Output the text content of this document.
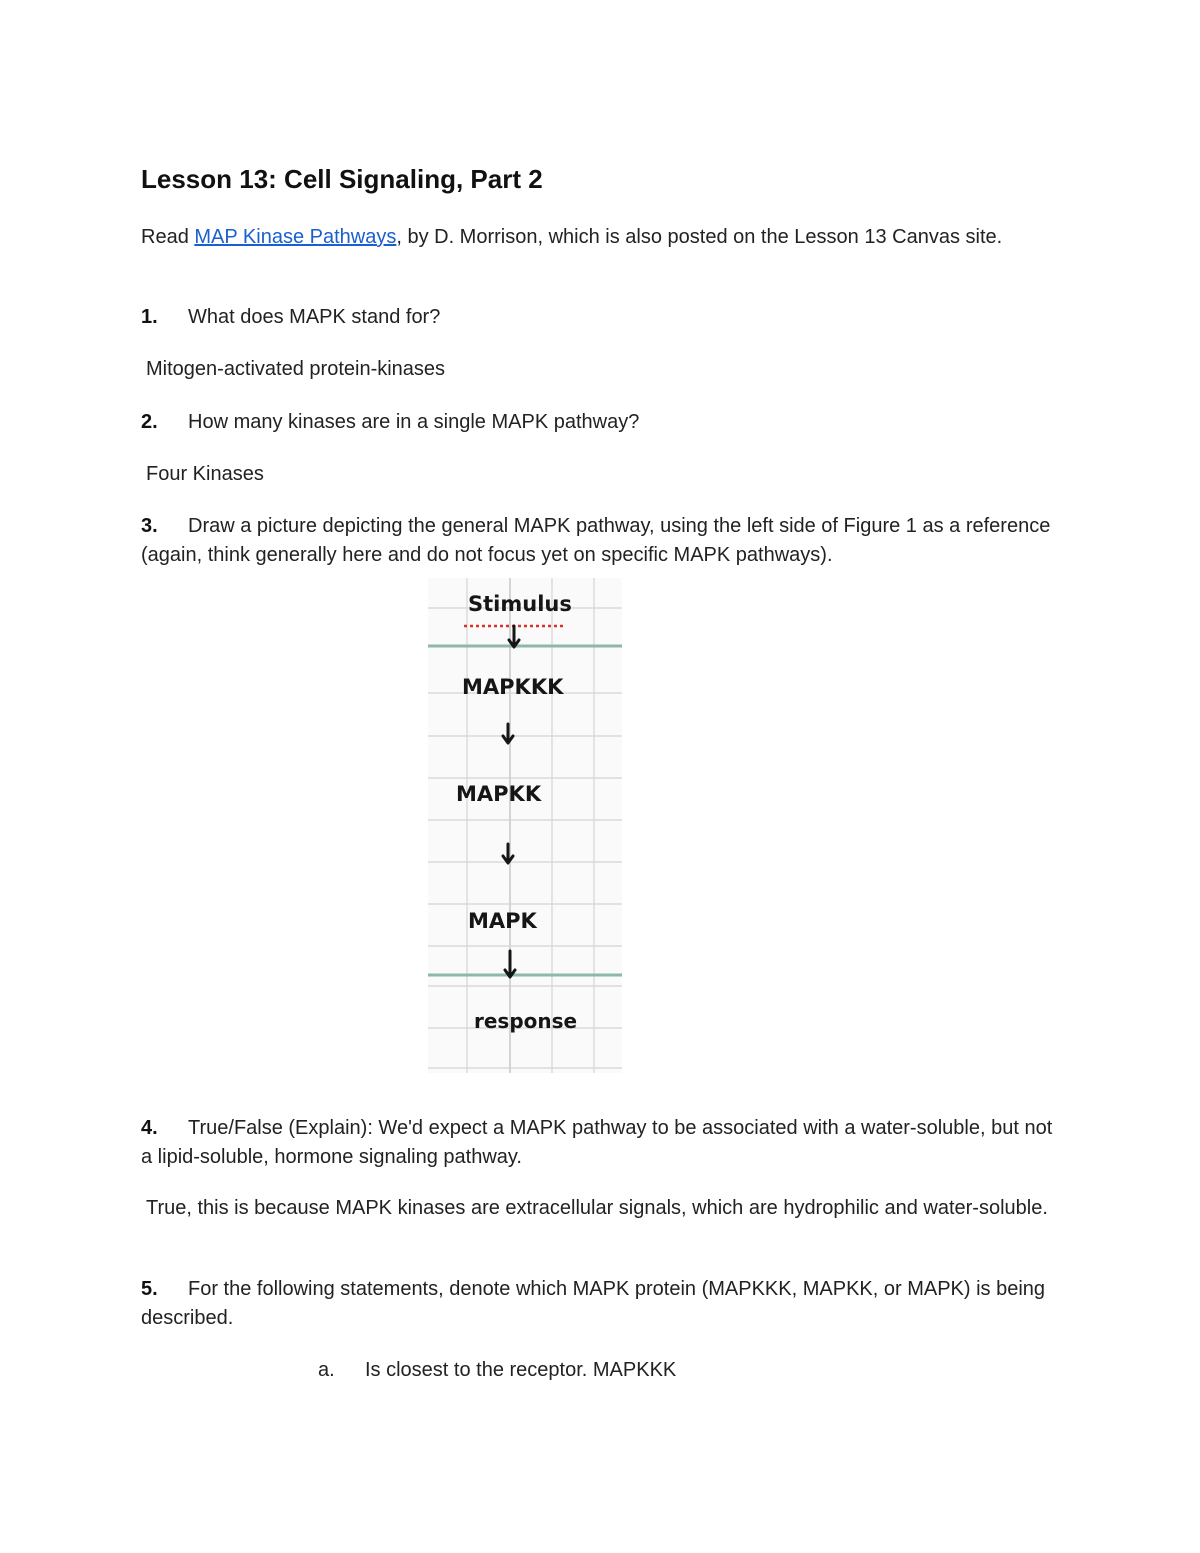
Lesson 13: Cell Signaling, Part 2
Read MAP Kinase Pathways, by D. Morrison, which is also posted on the Lesson 13 Canvas site.
1. What does MAPK stand for?
Mitogen-activated protein-kinases
2. How many kinases are in a single MAPK pathway?
Four Kinases
3. Draw a picture depicting the general MAPK pathway, using the left side of Figure 1 as a reference (again, think generally here and do not focus yet on specific MAPK pathways).
Stimulus
MAPKKK
MAPKK
MAPK
response
4. True/False (Explain): We'd expect a MAPK pathway to be associated with a water-soluble, but not a lipid-soluble, hormone signaling pathway.
True, this is because MAPK kinases are extracellular signals, which are hydrophilic and water-soluble.
5. For the following statements, denote which MAPK protein (MAPKKK, MAPKK, or MAPK) is being described.
a. Is closest to the receptor. MAPKKK
